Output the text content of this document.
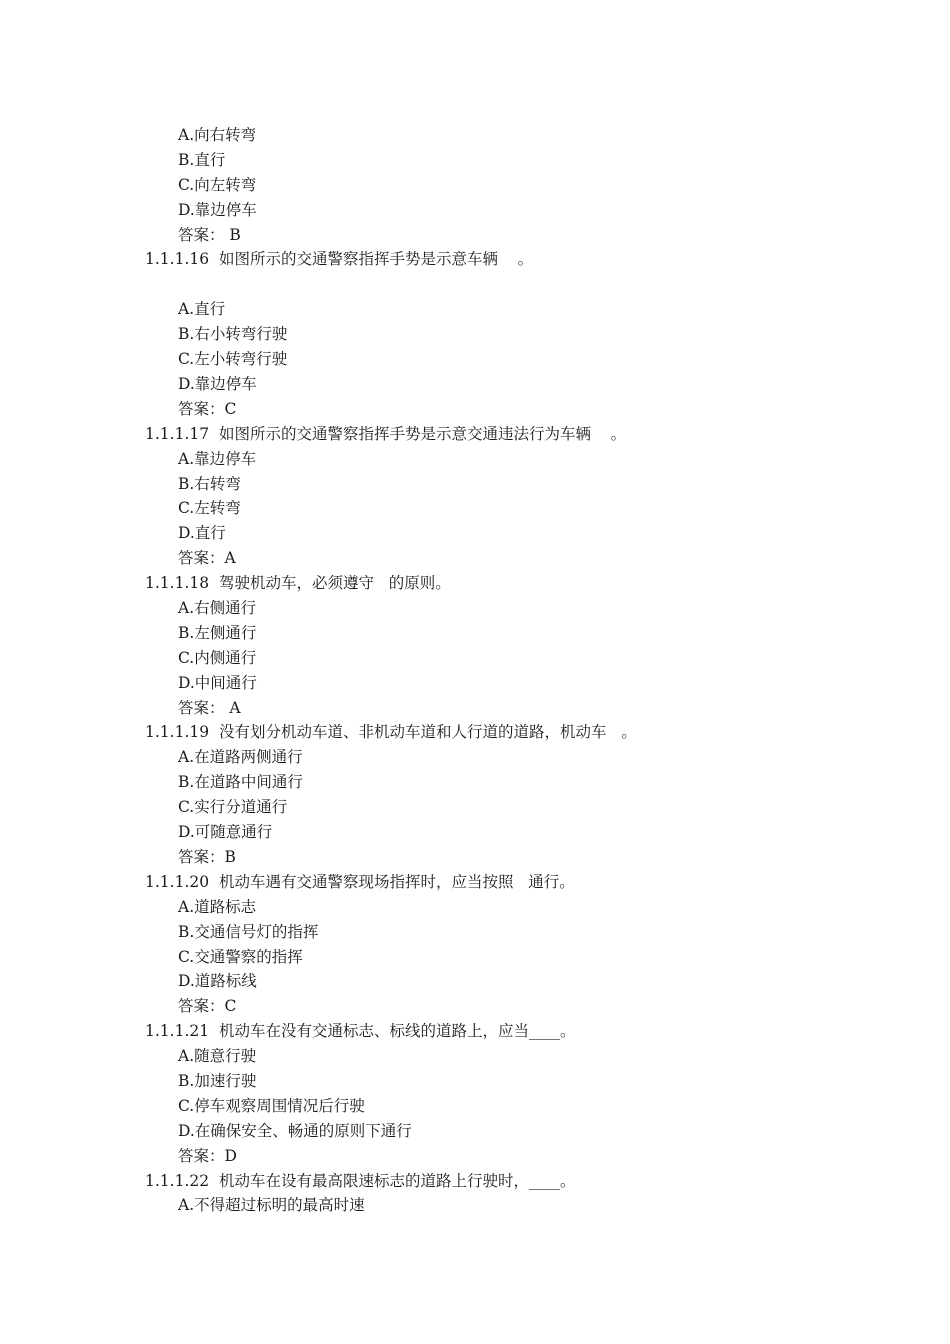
A.向右转弯
B.直行
C.向左转弯
D.靠边停车
答案： B
1.1.1.16  如图所示的交通警察指挥手势是示意车辆    。
A.直行
B.右小转弯行驶
C.左小转弯行驶
D.靠边停车
答案：C
1.1.1.17  如图所示的交通警察指挥手势是示意交通违法行为车辆    。
A.靠边停车
B.右转弯
C.左转弯
D.直行
答案：A
1.1.1.18  驾驶机动车，必须遵守   的原则。
A.右侧通行
B.左侧通行
C.内侧通行
D.中间通行
答案： A
1.1.1.19  没有划分机动车道、非机动车道和人行道的道路，机动车   。
A.在道路两侧通行
B.在道路中间通行
C.实行分道通行
D.可随意通行
答案：B
1.1.1.20  机动车遇有交通警察现场指挥时，应当按照   通行。
A.道路标志
B.交通信号灯的指挥
C.交通警察的指挥
D.道路标线
答案：C
1.1.1.21  机动车在没有交通标志、标线的道路上，应当____。
A.随意行驶
B.加速行驶
C.停车观察周围情况后行驶
D.在确保安全、畅通的原则下通行
答案：D
1.1.1.22  机动车在设有最高限速标志的道路上行驶时，____。
A.不得超过标明的最高时速
